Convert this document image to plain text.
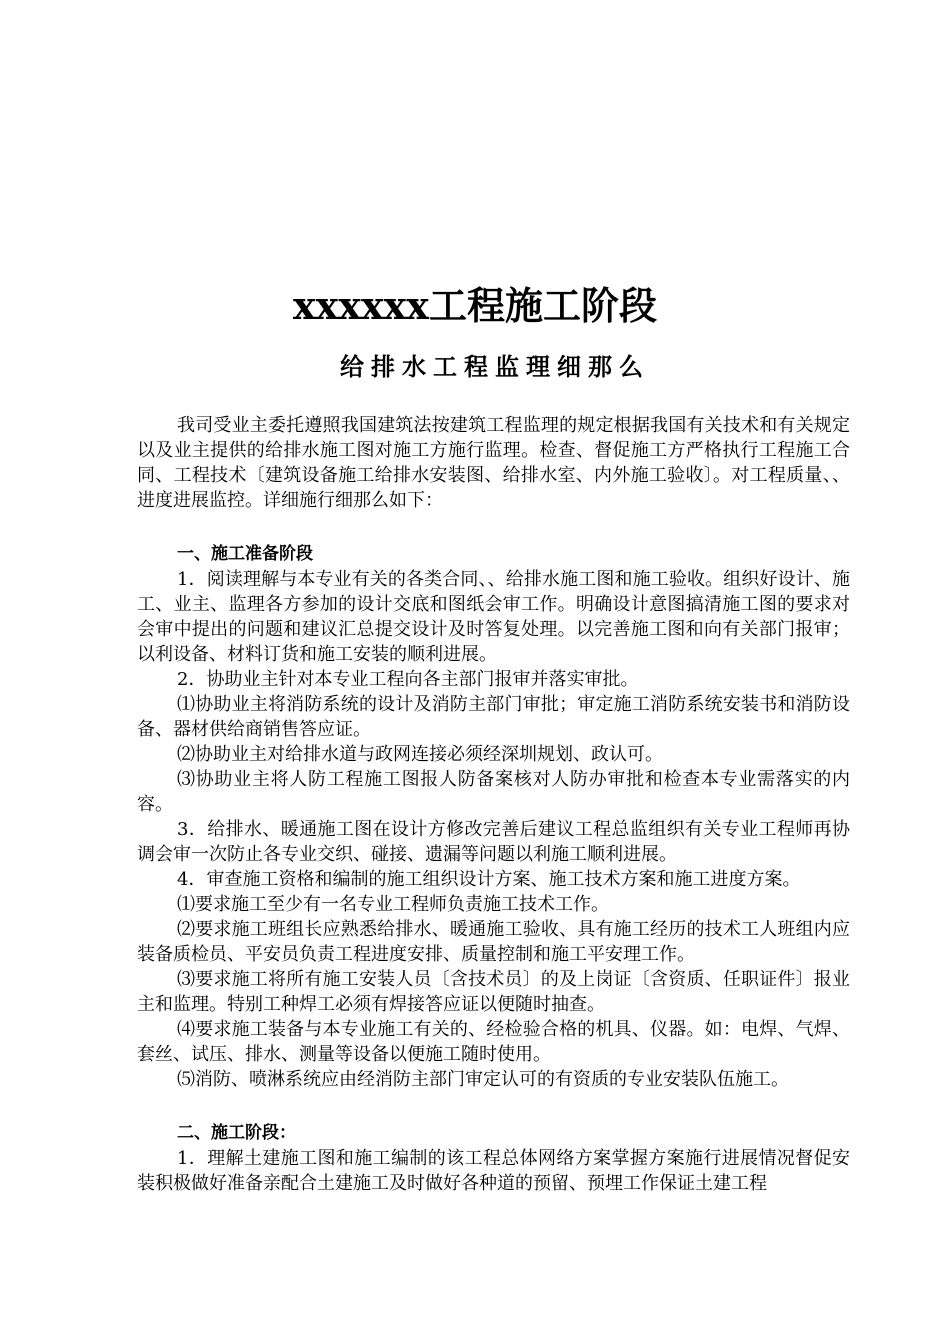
xxxxxx工程施工阶段
给排水工程监理细那么

我司受业主委托遵照我国建筑法按建筑工程监理的规定根据我国有关技术和有关规定以及业主提供的给排水施工图对施工方施行监理。检查、督促施工方严格执行工程施工合同、工程技术〔建筑设备施工给排水安装图、给排水室、内外施工验收〕。对工程质量、、进度进展监控。详细施行细那么如下：

一、施工准备阶段

1．阅读理解与本专业有关的各类合同、、给排水施工图和施工验收。组织好设计、施工、业主、监理各方参加的设计交底和图纸会审工作。明确设计意图搞清施工图的要求对会审中提出的问题和建议汇总提交设计及时答复处理。以完善施工图和向有关部门报审；以利设备、材料订货和施工安装的顺利进展。

2．协助业主针对本专业工程向各主部门报审并落实审批。

⑴协助业主将消防系统的设计及消防主部门审批；审定施工消防系统安装书和消防设备、器材供给商销售答应证。

⑵协助业主对给排水道与政网连接必须经深圳规划、政认可。

⑶协助业主将人防工程施工图报人防备案核对人防办审批和检查本专业需落实的内容。

3．给排水、暖通施工图在设计方修改完善后建议工程总监组织有关专业工程师再协调会审一次防止各专业交织、碰接、遗漏等问题以利施工顺利进展。

4．审查施工资格和编制的施工组织设计方案、施工技术方案和施工进度方案。

⑴要求施工至少有一名专业工程师负责施工技术工作。

⑵要求施工班组长应熟悉给排水、暖通施工验收、具有施工经历的技术工人班组内应装备质检员、平安员负责工程进度安排、质量控制和施工平安理工作。

⑶要求施工将所有施工安装人员〔含技术员〕的及上岗证〔含资质、任职证件〕报业主和监理。特别工种焊工必须有焊接答应证以便随时抽查。

⑷要求施工装备与本专业施工有关的、经检验合格的机具、仪器。如：电焊、气焊、套丝、试压、排水、测量等设备以便施工随时使用。

⑸消防、喷淋系统应由经消防主部门审定认可的有资质的专业安装队伍施工。

二、施工阶段：

1．理解土建施工图和施工编制的该工程总体网络方案掌握方案施行进展情况督促安装积极做好准备亲配合土建施工及时做好各种道的预留、预埋工作保证土建工程
